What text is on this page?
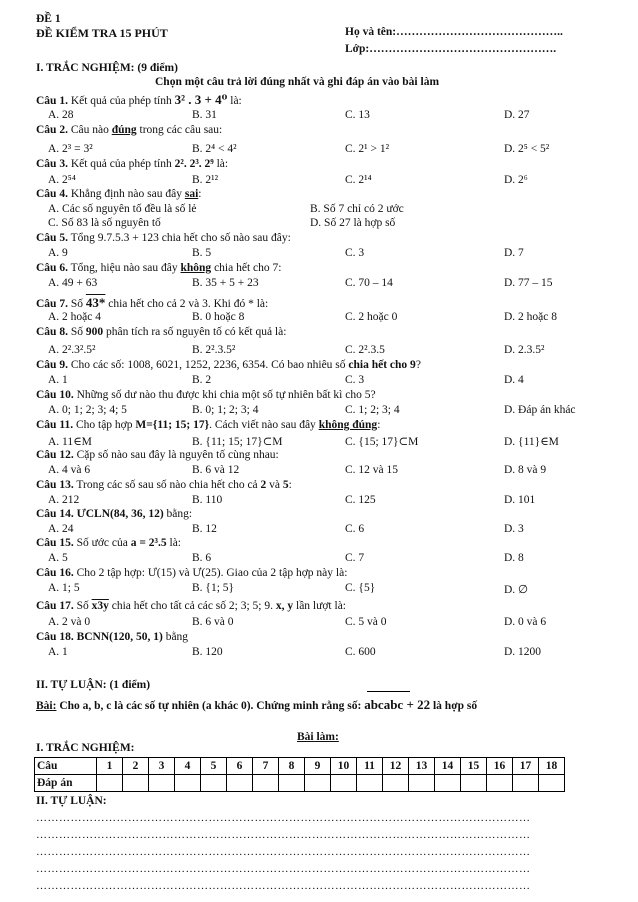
ĐỀ 1
ĐỀ KIỂM TRA 15 PHÚT	Họ và tên:……………………………………..
Lớp:………………………………………….
I. TRẮC NGHIỆM: (9 điểm)
Chọn một câu trả lời đúng nhất và ghi đáp án vào bài làm
Câu 1. Kết quả của phép tính 3² . 3 + 4⁰ là:
A. 28	B. 31	C. 13	D. 27
Câu 2. Câu nào đúng trong các câu sau:
A. 2³ = 3²	B. 2⁴ < 4²	C. 2¹ > 1²	D. 2⁵ < 5²
Câu 3. Kết quả của phép tính 2². 2³. 2⁹ là:
A. 2⁵⁴	B. 2¹²	C. 2¹⁴	D. 2⁶
Câu 4. Khẳng định nào sau đây sai:
A. Các số nguyên tố đều là số lẻ	B. Số 7 chỉ có 2 ước
C. Số 83 là số nguyên tố	D. Số 27 là hợp số
Câu 5. Tổng 9.7.5.3 + 123 chia hết cho số nào sau đây:
A. 9	B. 5	C. 3	D. 7
Câu 6. Tổng, hiệu nào sau đây không chia hết cho 7:
A. 49 + 63	B. 35 + 5 + 23	C. 70 – 14	D. 77 – 15
Câu 7. Số 43* chia hết cho cả 2 và 3. Khi đó * là:
A. 2 hoặc 4	B. 0 hoặc 8	C. 2 hoặc 0	D. 2 hoặc 8
Câu 8. Số 900 phân tích ra số nguyên tố có kết quả là:
A. 2².3².5²	B. 2².3.5²	C. 2².3.5	D. 2.3.5²
Câu 9. Cho các số: 1008, 6021, 1252, 2236, 6354. Có bao nhiêu số chia hết cho 9?
A. 1	B. 2	C. 3	D. 4
Câu 10. Những số dư nào thu được khi chia một số tự nhiên bất kì cho 5?
A. 0; 1; 2; 3; 4; 5	B. 0; 1; 2; 3; 4	C. 1; 2; 3; 4	D. Đáp án khác
Câu 11. Cho tập hợp M={11; 15; 17}. Cách viết nào sau đây không đúng:
A. 11∈M	B. {11; 15; 17}⊂M	C. {15; 17}⊂M	D. {11}∈M
Câu 12. Cặp số nào sau đây là nguyên tố cùng nhau:
A. 4 và 6	B. 6 và 12	C. 12 và 15	D. 8 và 9
Câu 13. Trong các số sau số nào chia hết cho cả 2 và 5:
A. 212	B. 110	C. 125	D. 101
Câu 14. ƯCLN(84, 36, 12) bằng:
A. 24	B. 12	C. 6	D. 3
Câu 15. Số ước của a = 2³.5 là:
A. 5	B. 6	C. 7	D. 8
Câu 16. Cho 2 tập hợp: Ư(15) và Ư(25). Giao của 2 tập hợp này là:
A. 1; 5	B. {1; 5}	C. {5}	D. ∅
Câu 17. Số x3y chia hết cho tất cả các số 2; 3; 5; 9. x, y lần lượt là:
A. 2 và 0	B. 6 và 0	C. 5 và 0	D. 0 và 6
Câu 18. BCNN(120, 50, 1) bằng
A. 1	B. 120	C. 600	D. 1200
II. TỰ LUẬN: (1 điểm)
Bài: Cho a, b, c là các số tự nhiên (a khác 0). Chứng minh rằng số: abcabc + 22 là hợp số
Bài làm:
I. TRẮC NGHIỆM:
Câu	1	2	3	4	5	6	7	8	9	10	11	12	13	14	15	16	17	18
Đáp án																		
II. TỰ LUẬN:
…………………………………………………………………………………………………………………
…………………………………………………………………………………………………………………
…………………………………………………………………………………………………………………
…………………………………………………………………………………………………………………
…………………………………………………………………………………………………………………
